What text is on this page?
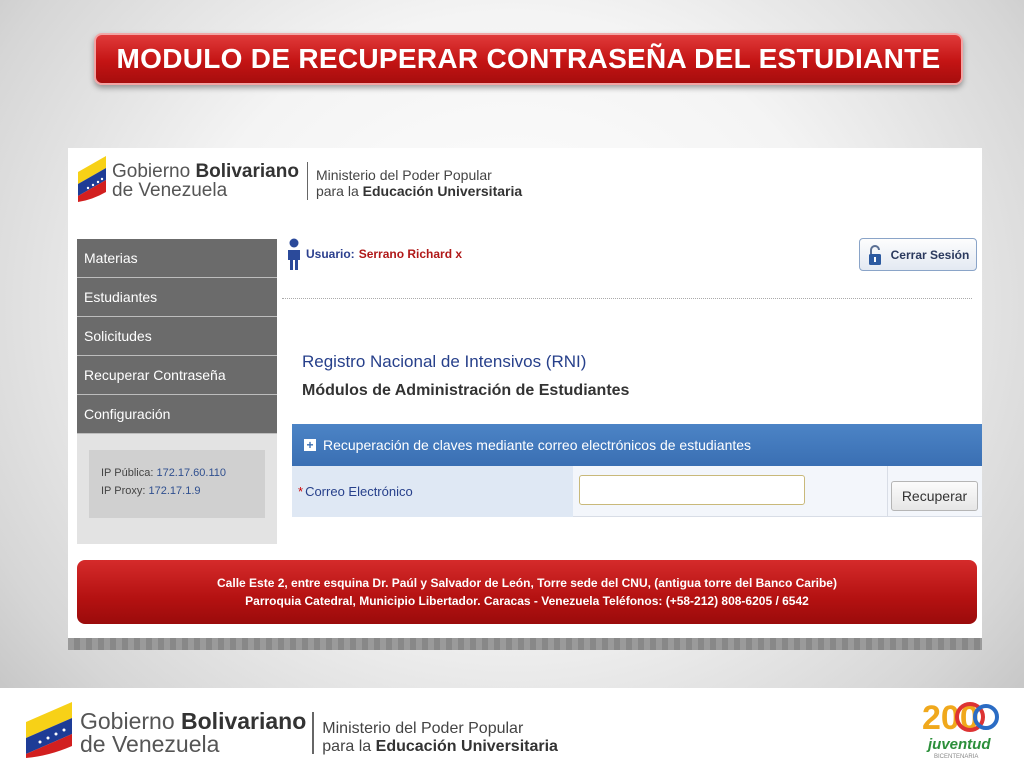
MODULO DE RECUPERAR CONTRASEÑA DEL ESTUDIANTE
Gobierno Bolivariano
de Venezuela
Ministerio del Poder Popular
para la Educación Universitaria
Materias
Estudiantes
Solicitudes
Recuperar Contraseña
Configuración
IP Pública: 172.17.60.110
IP Proxy: 172.17.1.9
Usuario: Serrano Richard x	Cerrar Sesión
Registro Nacional de Intensivos (RNI)
Módulos de Administración de Estudiantes
+ Recuperación de claves mediante correo electrónicos de estudiantes
* Correo Electrónico	Recuperar
Calle Este 2, entre esquina Dr. Paúl y Salvador de León, Torre sede del CNU, (antigua torre del Banco Caribe)
Parroquia Catedral, Municipio Libertador. Caracas - Venezuela Teléfonos: (+58-212) 808-6205 / 6542
Gobierno Bolivariano
de Venezuela
Ministerio del Poder Popular
para la Educación Universitaria
200
juventud
BICENTENARIA
